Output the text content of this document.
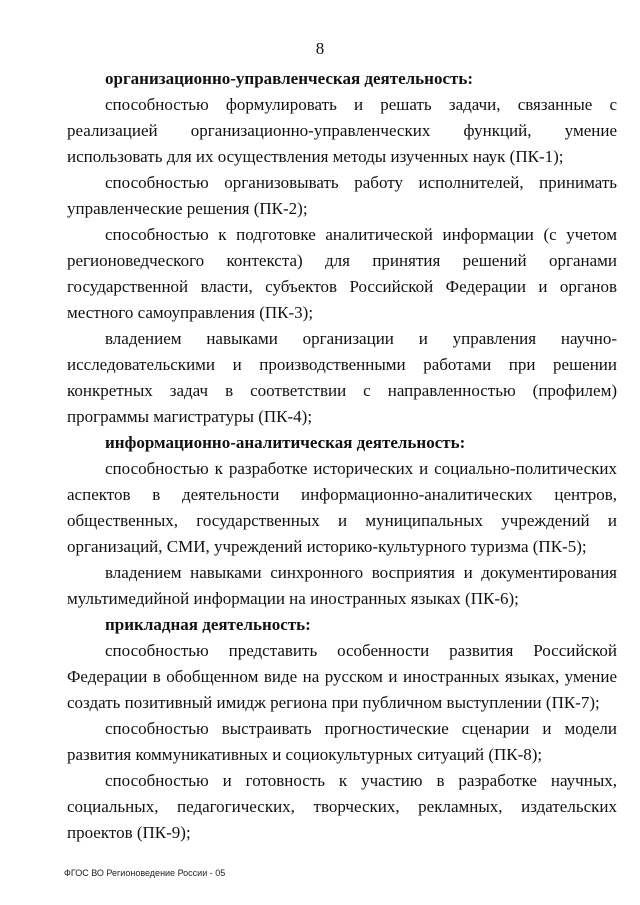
8

организационно-управленческая деятельность:

способностью формулировать и решать задачи, связанные с реализацией организационно-управленческих функций, умение использовать для их осуществления методы изученных наук (ПК-1);

способностью организовывать работу исполнителей, принимать управленческие решения (ПК-2);

способностью к подготовке аналитической информации (с учетом регионоведческого контекста) для принятия решений органами государственной власти, субъектов Российской Федерации и органов местного самоуправления (ПК-3);

владением навыками организации и управления научно-исследовательскими и производственными работами при решении конкретных задач в соответствии с направленностью (профилем) программы магистратуры (ПК-4);

информационно-аналитическая деятельность:

способностью к разработке исторических и социально-политических аспектов в деятельности информационно-аналитических центров, общественных, государственных и муниципальных учреждений и организаций, СМИ, учреждений историко-культурного туризма (ПК-5);

владением навыками синхронного восприятия и документирования мультимедийной информации на иностранных языках (ПК-6);

прикладная деятельность:

способностью представить особенности развития Российской Федерации в обобщенном виде на русском и иностранных языках, умение создать позитивный имидж региона при публичном выступлении (ПК-7);

способностью выстраивать прогностические сценарии и модели развития коммуникативных и социокультурных ситуаций (ПК-8);

способностью и готовность к участию в разработке научных, социальных, педагогических, творческих, рекламных, издательских проектов (ПК-9);

ФГОС ВО Регионоведение России - 05
